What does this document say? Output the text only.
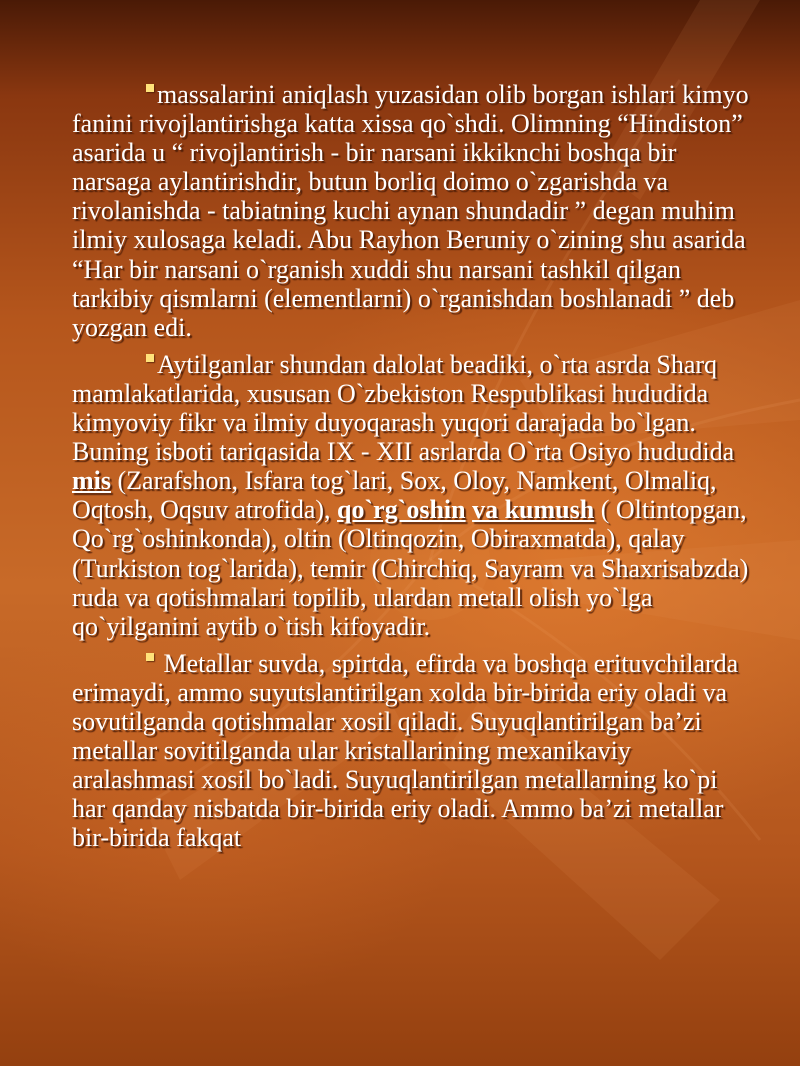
massalarini aniqlash yuzasidan olib borgan ishlari kimyo fanini rivojlantirishga katta xissa qo`shdi. Olimning “Hindiston” asarida u “ rivojlantirish - bir narsani ikkiknchi boshqa bir narsaga aylantirishdir, butun borliq doimo o`zgarishda va rivolanishda - tabiatning kuchi aynan shundadir ” degan muhim ilmiy xulosaga keladi. Abu Rayhon Beruniy o`zining shu asarida “Har bir narsani o`rganish xuddi shu narsani tashkil qilgan tarkibiy qismlarni (elementlarni) o`rganishdan boshlanadi ” deb yozgan edi.

Aytilganlar shundan dalolat beadiki, o`rta asrda Sharq mamlakatlarida, xususan O`zbekiston Respublikasi hududida kimyoviy fikr va ilmiy duyoqarash yuqori darajada bo`lgan. Buning isboti tariqasida IX - XII asrlarda O`rta Osiyo hududida mis (Zarafshon, Isfara tog`lari, Sox, Oloy, Namkent, Olmaliq, Oqtosh, Oqsuv atrofida), qo`rg`oshin va kumush ( Oltintopgan, Qo`rg`oshinkonda), oltin (Oltinqozin, Obiraxmatda), qalay (Turkiston tog`larida), temir (Chirchiq, Sayram va Shaxrisabzda) ruda va qotishmalari topilib, ulardan metall olish yo`lga qo`yilganini aytib o`tish kifoyadir.

Metallar suvda, spirtda, efirda va boshqa erituvchilarda erimaydi, ammo suyutslantirilgan xolda bir-birida eriy oladi va sovutilganda qotishmalar xosil qiladi. Suyuqlantirilgan ba’zi metallar sovitilganda ular kristallarining mexanikaviy aralashmasi xosil bo`ladi. Suyuqlantirilgan metallarning ko`pi har qanday nisbatda bir-birida eriy oladi. Ammo ba’zi metallar bir-birida fakqat
